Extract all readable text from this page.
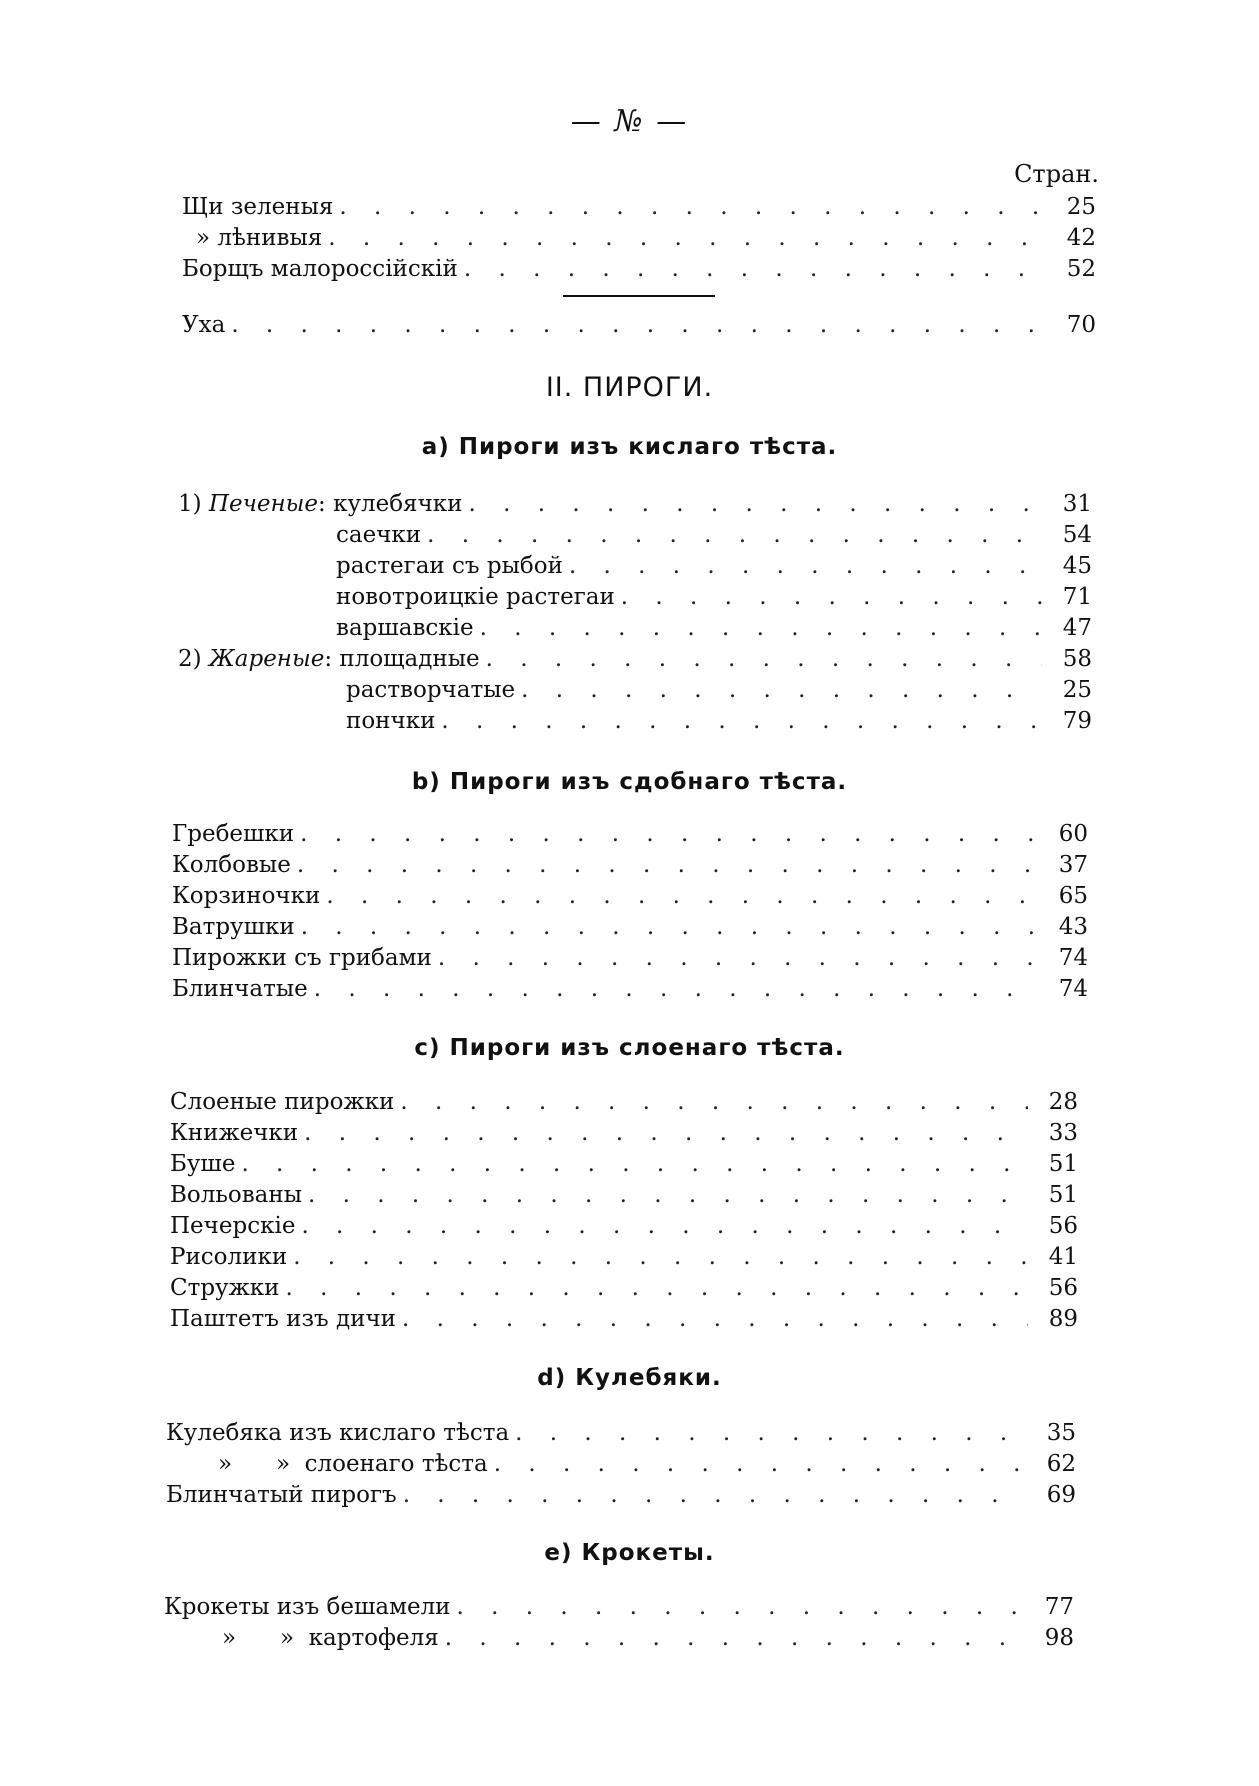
— № —
Стран.
Щи зеленыя . . .	25
» лѣнивыя . . .	42
Борщъ малороссійскій . . .	52
Уха . . .	70
II. ПИРОГИ.
a) Пироги изъ кислаго тѣста.
1) Печеные: кулебячки . . .	31
саечки . . .	54
растегаи съ рыбой . . .	45
новотроицкіе растегаи . . .	71
варшавскіе . . .	47
2) Жареные: площадные . . .	58
растворчатые . . .	25
пончки . . .	79
b) Пироги изъ сдобнаго тѣста.
Гребешки . . .	60
Колбовые . . .	37
Корзиночки . . .	65
Ватрушки . . .	43
Пирожки съ грибами . . .	74
Блинчатые . . .	74
c) Пироги изъ слоенаго тѣста.
Слоеные пирожки . . .	28
Книжечки . . .	33
Буше . . .	51
Вольованы . . .	51
Печерскіе . . .	56
Рисолики . . .	41
Стружки . . .	56
Паштетъ изъ дичи . . .	89
d) Кулебяки.
Кулебяка изъ кислаго тѣста . . .	35
»      »  слоенаго тѣста . . .	62
Блинчатый пирогъ . . .	69
e) Крокеты.
Крокеты изъ бешамели . . .	77
»      »  картофеля . . .	98
